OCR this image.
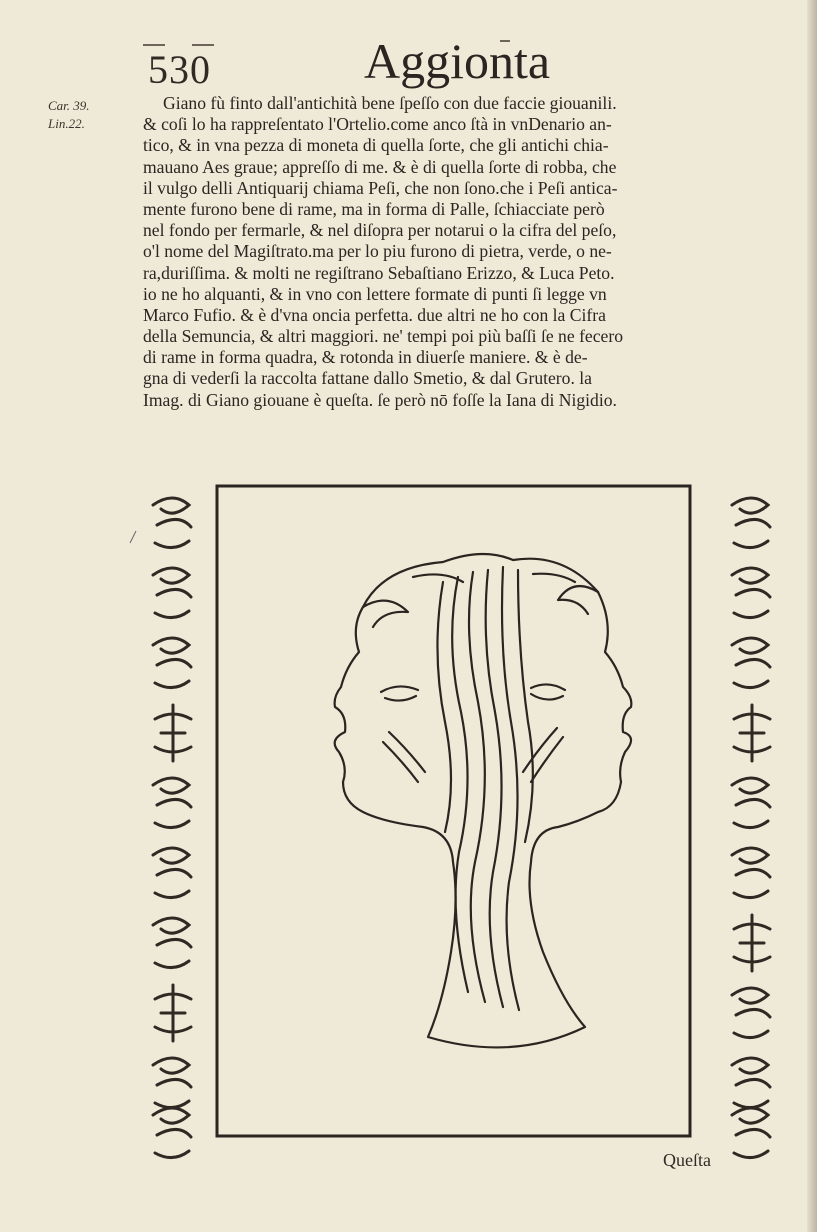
530	Aggionta
Car. 39.
Lin.22.
Giano fù finto dall'antichità bene ſpeſſo con due faccie giouanili.
& coſi lo ha rappreſentato l'Ortelio.come anco ſtà in vnDenario an-
tico, & in vna pezza di moneta di quella ſorte, che gli antichi chia-
mauano Aes graue; appreſſo di me. & è di quella ſorte di robba, che
il vulgo delli Antiquarij chiama Peſi, che non ſono.che i Peſi antica-
mente furono bene di rame, ma in forma di Palle, ſchiacciate però
nel fondo per fermarle, & nel diſopra per notarui o la cifra del peſo,
o'l nome del Magiſtrato.ma per lo piu furono di pietra, verde, o ne-
ra,duriſſima. & molti ne regiſtrano Sebaſtiano Erizzo, & Luca Peto.
io ne ho alquanti, & in vno con lettere formate di punti ſi legge vn
Marco Fufio. & è d'vna oncia perfetta. due altri ne ho con la Cifra
della Semuncia, & altri maggiori. ne' tempi poi più baſſi ſe ne fecero
di rame in forma quadra, & rotonda in diuerſe maniere. & è de-
gna di vederſi la raccolta fattane dallo Smetio, & dal Grutero. la
Imag. di Giano giouane è queſta. ſe però nō foſſe la Iana di Nigidio.
Queſta
